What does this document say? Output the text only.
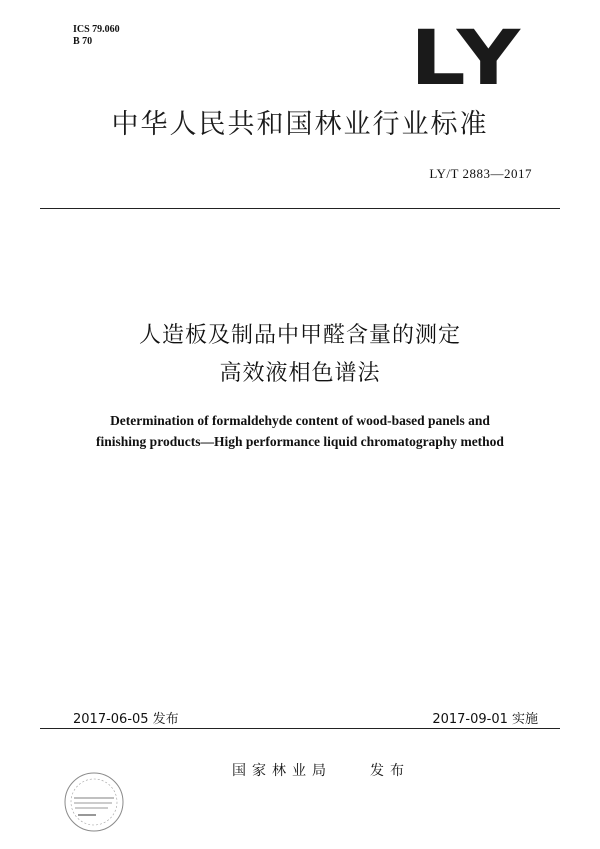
ICS 79.060
B 70	LY
中华人民共和国林业行业标准
LY/T 2883—2017
人造板及制品中甲醛含量的测定
高效液相色谱法
Determination of formaldehyde content of wood-based panels and
finishing products—High performance liquid chromatography method
2017-06-05 发布	2017-09-01 实施
国家林业局	发布
